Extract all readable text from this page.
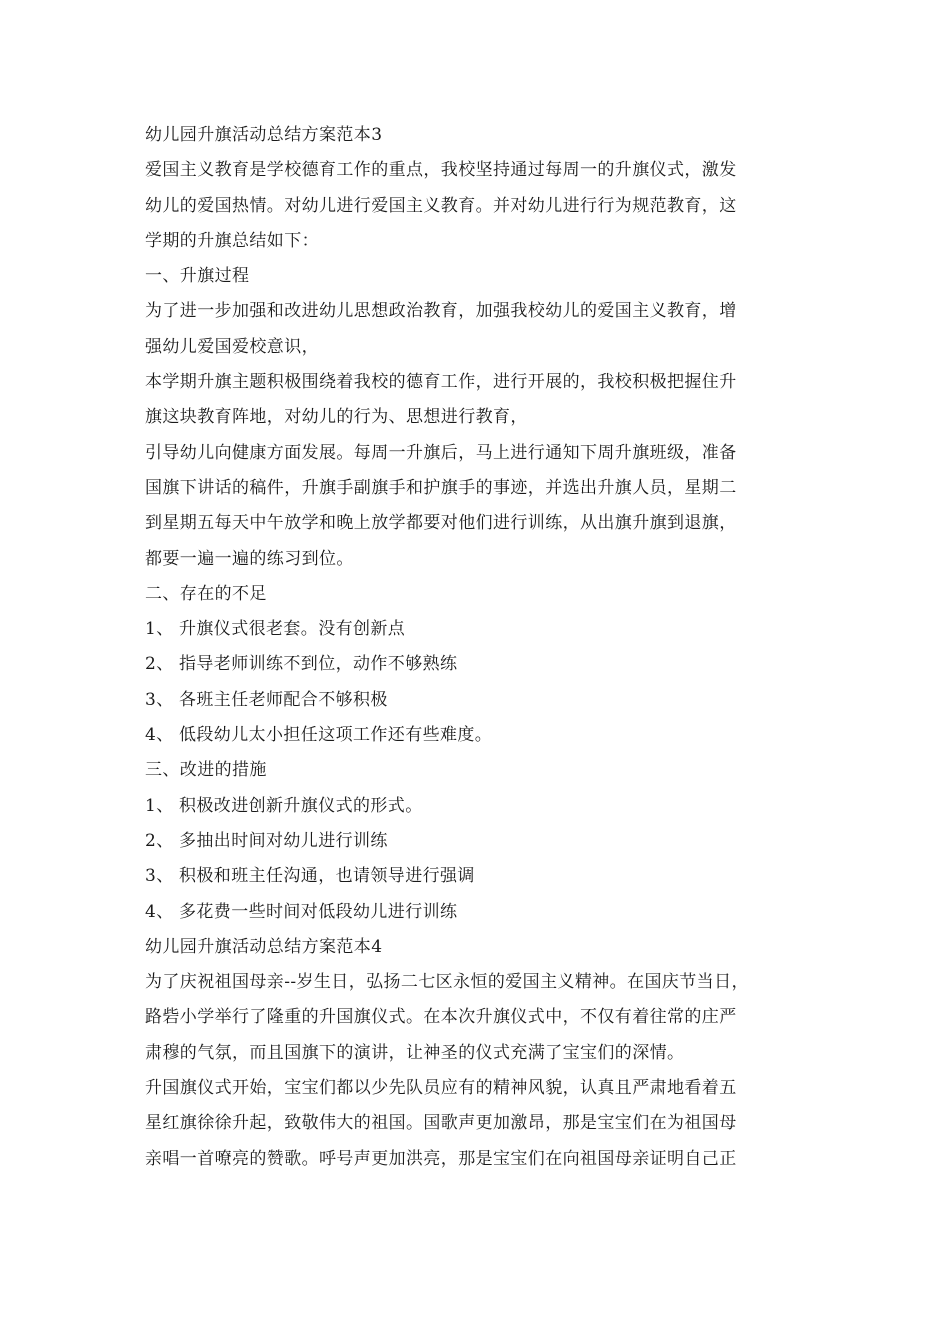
幼儿园升旗活动总结方案范本3
爱国主义教育是学校德育工作的重点，我校坚持通过每周一的升旗仪式，激发
幼儿的爱国热情。对幼儿进行爱国主义教育。并对幼儿进行行为规范教育，这
学期的升旗总结如下：
一、升旗过程
为了进一步加强和改进幼儿思想政治教育，加强我校幼儿的爱国主义教育，增
强幼儿爱国爱校意识，
本学期升旗主题积极围绕着我校的德育工作，进行开展的，我校积极把握住升
旗这块教育阵地，对幼儿的行为、思想进行教育，
引导幼儿向健康方面发展。每周一升旗后，马上进行通知下周升旗班级，准备
国旗下讲话的稿件，升旗手副旗手和护旗手的事迹，并选出升旗人员，星期二
到星期五每天中午放学和晚上放学都要对他们进行训练，从出旗升旗到退旗，
都要一遍一遍的练习到位。
二、存在的不足
1、 升旗仪式很老套。没有创新点
2、 指导老师训练不到位，动作不够熟练
3、 各班主任老师配合不够积极
4、 低段幼儿太小担任这项工作还有些难度。
三、改进的措施
1、 积极改进创新升旗仪式的形式。
2、 多抽出时间对幼儿进行训练
3、 积极和班主任沟通，也请领导进行强调
4、 多花费一些时间对低段幼儿进行训练
幼儿园升旗活动总结方案范本4
为了庆祝祖国母亲--岁生日，弘扬二七区永恒的爱国主义精神。在国庆节当日，
路砦小学举行了隆重的升国旗仪式。在本次升旗仪式中，不仅有着往常的庄严
肃穆的气氛，而且国旗下的演讲，让神圣的仪式充满了宝宝们的深情。
升国旗仪式开始，宝宝们都以少先队员应有的精神风貌，认真且严肃地看着五
星红旗徐徐升起，致敬伟大的祖国。国歌声更加激昂，那是宝宝们在为祖国母
亲唱一首嘹亮的赞歌。呼号声更加洪亮，那是宝宝们在向祖国母亲证明自己正
